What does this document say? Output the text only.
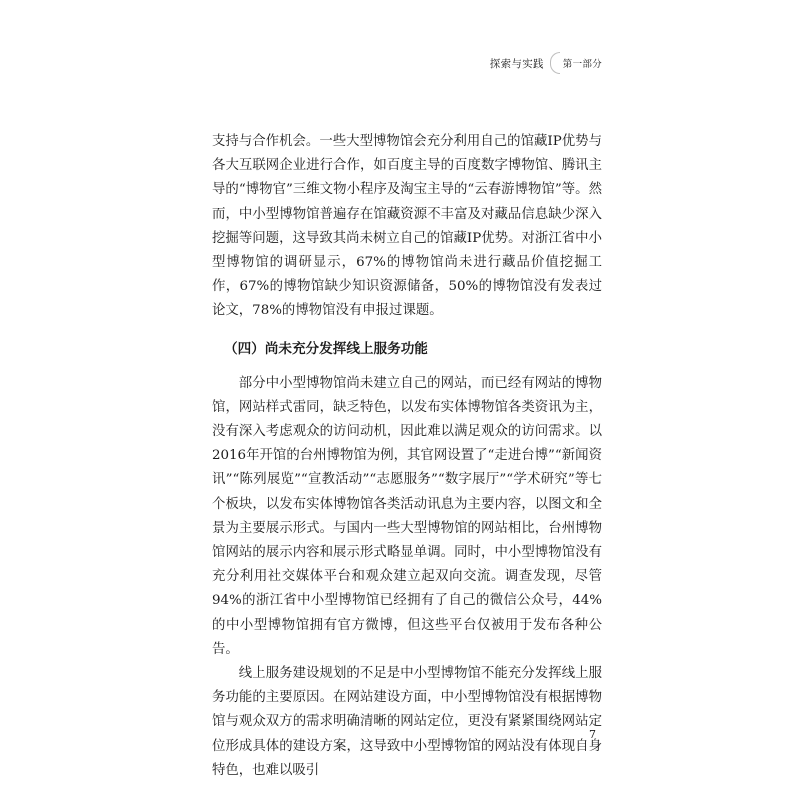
探索与实践 第一部分

支持与合作机会。一些大型博物馆会充分利用自己的馆藏IP优势与各大互联网企业进行合作，如百度主导的百度数字博物馆、腾讯主导的“博物官”三维文物小程序及淘宝主导的“云春游博物馆”等。然而，中小型博物馆普遍存在馆藏资源不丰富及对藏品信息缺少深入挖掘等问题，这导致其尚未树立自己的馆藏IP优势。对浙江省中小型博物馆的调研显示，67%的博物馆尚未进行藏品价值挖掘工作，67%的博物馆缺少知识资源储备，50%的博物馆没有发表过论文，78%的博物馆没有申报过课题。

（四）尚未充分发挥线上服务功能

部分中小型博物馆尚未建立自己的网站，而已经有网站的博物馆，网站样式雷同，缺乏特色，以发布实体博物馆各类资讯为主，没有深入考虑观众的访问动机，因此难以满足观众的访问需求。以2016年开馆的台州博物馆为例，其官网设置了“走进台博”“新闻资讯”“陈列展览”“宣教活动”“志愿服务”“数字展厅”“学术研究”等七个板块，以发布实体博物馆各类活动讯息为主要内容，以图文和全景为主要展示形式。与国内一些大型博物馆的网站相比，台州博物馆网站的展示内容和展示形式略显单调。同时，中小型博物馆没有充分利用社交媒体平台和观众建立起双向交流。调查发现，尽管94%的浙江省中小型博物馆已经拥有了自己的微信公众号，44%的中小型博物馆拥有官方微博，但这些平台仅被用于发布各种公告。

线上服务建设规划的不足是中小型博物馆不能充分发挥线上服务功能的主要原因。在网站建设方面，中小型博物馆没有根据博物馆与观众双方的需求明确清晰的网站定位，更没有紧紧围绕网站定位形成具体的建设方案，这导致中小型博物馆的网站没有体现自身特色，也难以吸引

7
